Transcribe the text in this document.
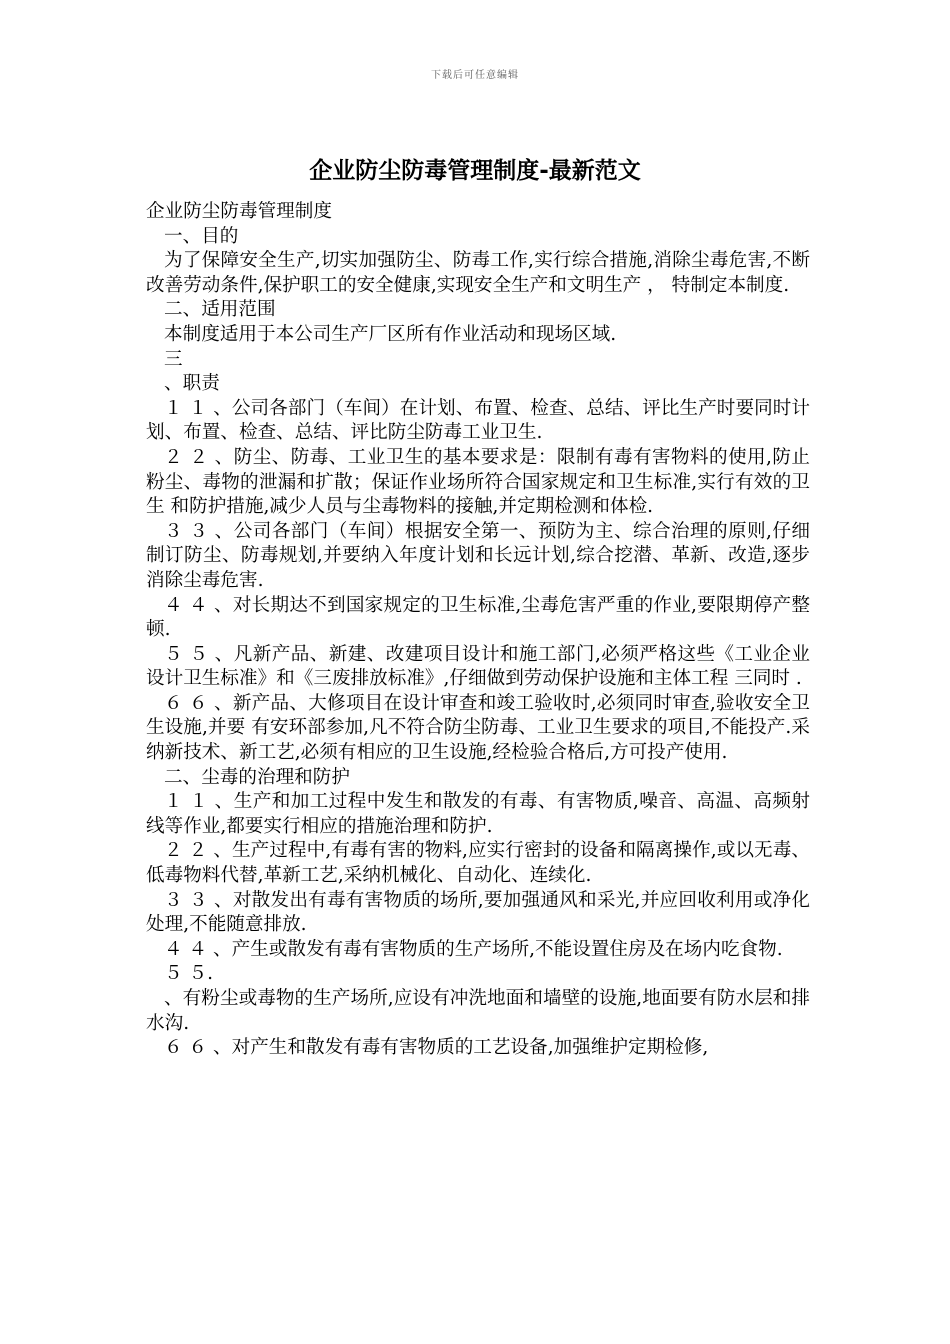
下载后可任意编辑
企业防尘防毒管理制度-最新范文

企业防尘防毒管理制度

一、目的

为了保障安全生产,切实加强防尘、防毒工作,实行综合措施,消除尘毒危害,不断改善劳动条件,保护职工的安全健康,实现安全生产和文明生产 ， 特制定本制度.

二、适用范围

本制度适用于本公司生产厂区所有作业活动和现场区域.

三

、职责

１ １ 、公司各部门（车间）在计划、布置、检查、总结、评比生产时要同时计划、布置、检查、总结、评比防尘防毒工业卫生.

２ ２ 、防尘、防毒、工业卫生的基本要求是：限制有毒有害物料的使用,防止粉尘、毒物的泄漏和扩散；保证作业场所符合国家规定和卫生标准,实行有效的卫生 和防护措施,减少人员与尘毒物料的接触,并定期检测和体检.

３ ３ 、公司各部门（车间）根据安全第一、预防为主、综合治理的原则,仔细制订防尘、防毒规划,并要纳入年度计划和长远计划,综合挖潜、革新、改造,逐步消除尘毒危害.

４ ４ 、对长期达不到国家规定的卫生标准,尘毒危害严重的作业,要限期停产整顿.

５ ５ 、凡新产品、新建、改建项目设计和施工部门,必须严格这些《工业企业设计卫生标准》和《三废排放标准》,仔细做到劳动保护设施和主体工程 三同时 .

６ ６ 、新产品、大修项目在设计审查和竣工验收时,必须同时审查,验收安全卫生设施,并要 有安环部参加,凡不符合防尘防毒、工业卫生要求的项目,不能投产.采纳新技术、新工艺,必须有相应的卫生设施,经检验合格后,方可投产使用.

二、尘毒的治理和防护

１ １ 、生产和加工过程中发生和散发的有毒、有害物质,噪音、高温、高频射线等作业,都要实行相应的措施治理和防护.

２ ２ 、生产过程中,有毒有害的物料,应实行密封的设备和隔离操作,或以无毒、低毒物料代替,革新工艺,采纳机械化、自动化、连续化.

３ ３ 、对散发出有毒有害物质的场所,要加强通风和采光,并应回收利用或净化处理,不能随意排放.

４ ４ 、产生或散发有毒有害物质的生产场所,不能设置住房及在场内吃食物.

５ ５.

、有粉尘或毒物的生产场所,应设有冲洗地面和墙壁的设施,地面要有防水层和排水沟.

６ ６ 、对产生和散发有毒有害物质的工艺设备,加强维护定期检修,
